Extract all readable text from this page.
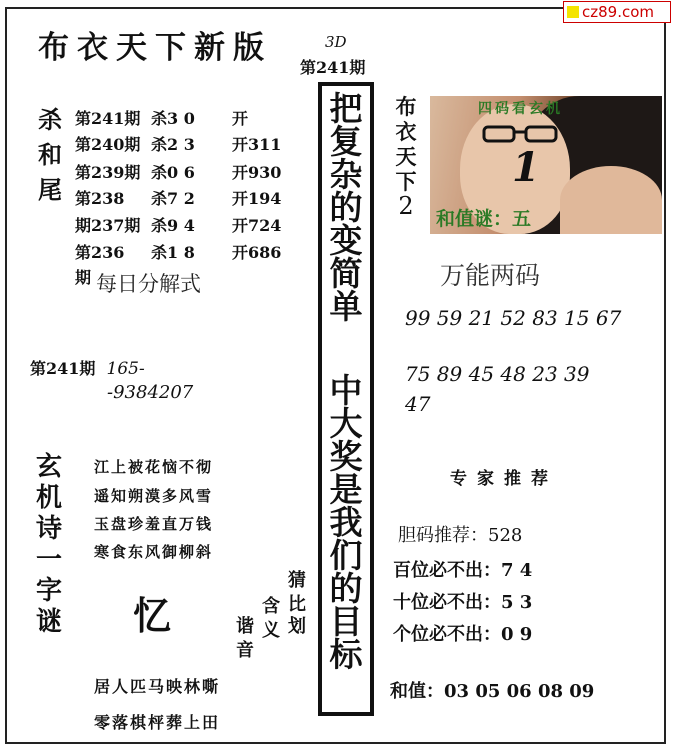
cz89.com
布衣天下新版	3D
第241期
杀
和
尾
第241期 杀3 0 开
第240期 杀2 3 开311
第239期 杀0 6 开930
第238 杀7 2 开194
期237期 杀9 4 开724
第236 杀1 8 开686
期 每日分解式
第241期 165-
-9384207
玄
机
诗
一
字
谜
江上被花恼不彻
遥知朔漠多风雪
玉盘珍羞直万钱
寒食东风御柳斜
忆
猜
比
划
含
义
谐
音
居人匹马映林嘶
零落棋枰葬上田
把
复
杂
的
变
简
单
中
大
奖
是
我
们
的
目
标
布
衣
天
下
2
四码看玄机
1
和值谜：五
万能两码
99 59 21 52 83 15 67
75 89 45 48 23 39
47
专家推荐
胆码推荐：528
百位必不出：7 4
十位必不出：5 3
个位必不出：0 9
和值：03 05 06 08 09
